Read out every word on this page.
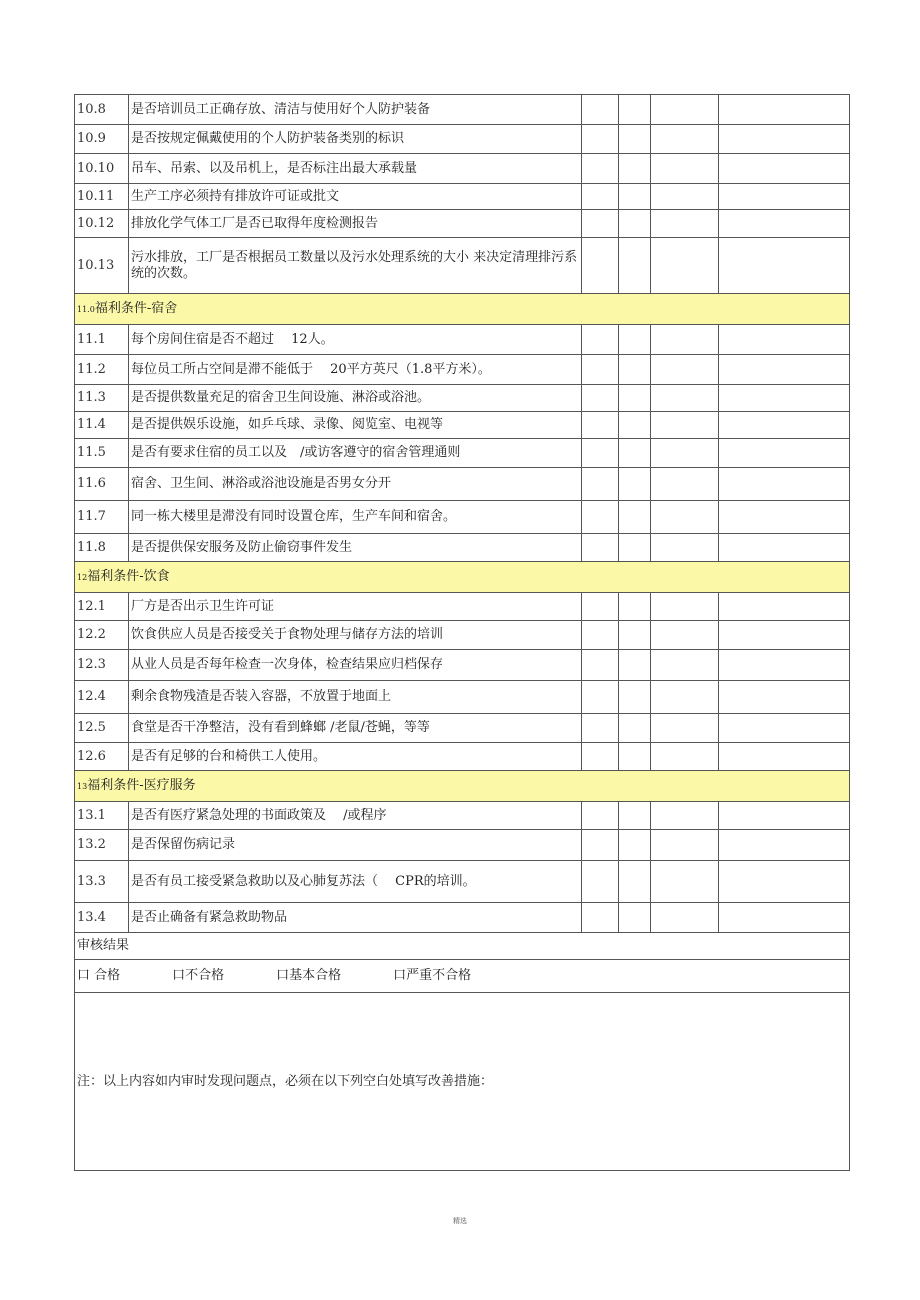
10.8	是否培训员工正确存放、清洁与使用好个人防护装备				
10.9	是否按规定佩戴使用的个人防护装备类别的标识				
10.10	吊车、吊索、以及吊机上，是否标注出最大承载量				
10.11	生产工序必须持有排放许可证或批文				
10.12	排放化学气体工厂是否已取得年度检测报告				
10.13	污水排放，工厂是否根据员工数量以及污水处理系统的大小 来决定清理排污系 统的次数。				
11.0福利条件-宿舍					
11.1	每个房间住宿是否不超过　 12人。				
11.2	每位员工所占空间是滞不能低于　 20平方英尺（1.8平方米）。				
11.3	是否提供数量充足的宿舍卫生间设施、淋浴或浴池。				
11.4	是否提供娱乐设施，如乒乓球、录像、阅览室、电视等				
11.5	是否有要求住宿的员工以及　/或访客遵守的宿舍管理通则				
11.6	宿舍、卫生间、淋浴或浴池设施是否男女分开				
11.7	同一栋大楼里是滞没有同时设置仓库，生产车间和宿舍。				
11.8	是否提供保安服务及防止偷窃事件发生				
12福利条件-饮食					
12.1	厂方是否出示卫生许可证				
12.2	饮食供应人员是否接受关于食物处理与储存方法的培训				
12.3	从业人员是否每年检查一次身体，检查结果应归档保存				
12.4	剩余食物残渣是否装入容器，不放置于地面上				
12.5	食堂是否干净整洁，没有看到蜂螂 /老鼠/苍蝇，等等				
12.6	是否有足够的台和椅供工人使用。				
13福利条件-医疗服务					
13.1	是否有医疗紧急处理的书面政策及　 /或程序				
13.2	是否保留伤病记录				
13.3	是否有员工接受紧急救助以及心肺复苏法（　 CPR的培训。				
13.4	是否止确备有紧急救助物品				
审核结果					
口 合格 口不合格 口基本合格 口严重不合格					
注：以上内容如内审时发现问题点，必须在以下列空白处填写改善措施：					
精选
